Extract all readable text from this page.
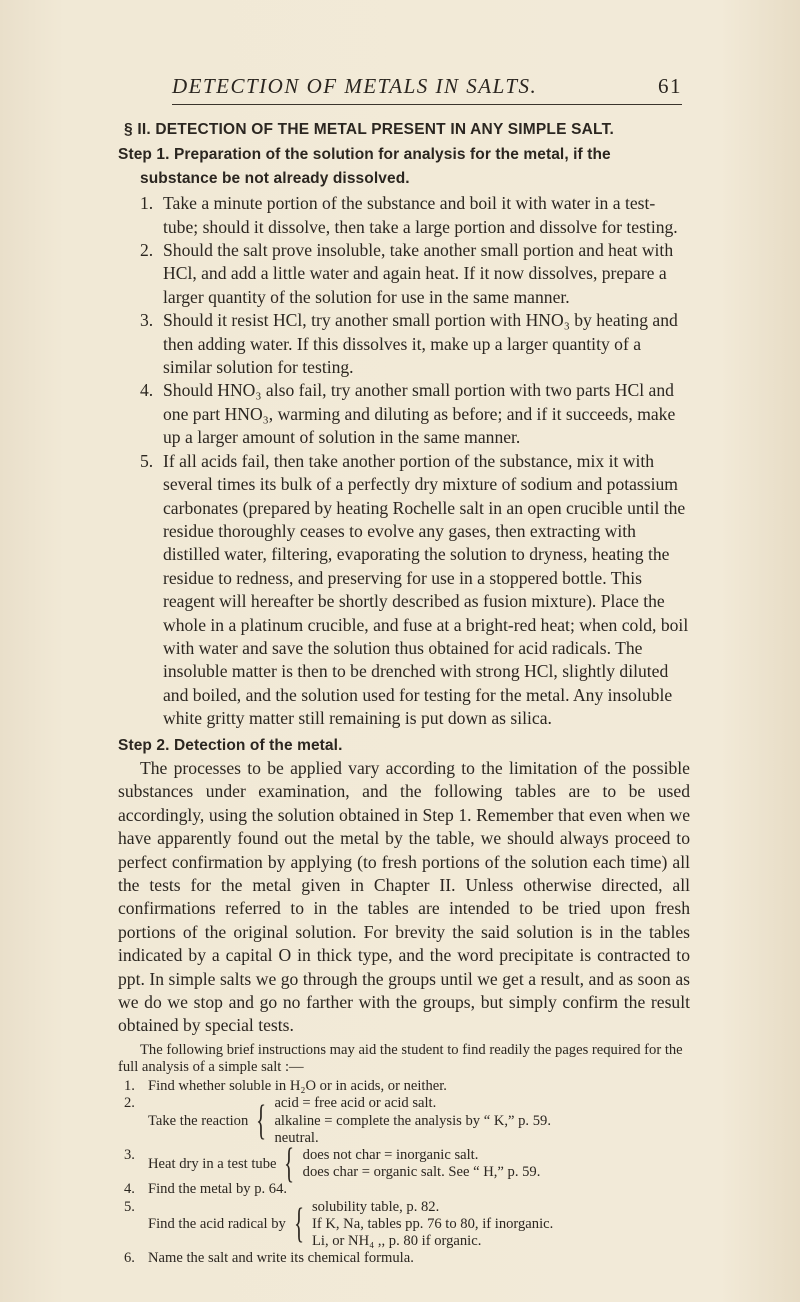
DETECTION OF METALS IN SALTS.	61
§ II. DETECTION OF THE METAL PRESENT IN ANY SIMPLE SALT.
Step 1. Preparation of the solution for analysis for the metal, if the
substance be not already dissolved.
1. Take a minute portion of the substance and boil it with water in a test-tube; should it dissolve, then take a large portion and dissolve for testing.
2. Should the salt prove insoluble, take another small portion and heat with HCl, and add a little water and again heat. If it now dissolves, prepare a larger quantity of the solution for use in the same manner.
3. Should it resist HCl, try another small portion with HNO₃ by heating and then adding water. If this dissolves it, make up a larger quantity of a similar solution for testing.
4. Should HNO₃ also fail, try another small portion with two parts HCl and one part HNO₃, warming and diluting as before; and if it succeeds, make up a larger amount of solution in the same manner.
5. If all acids fail, then take another portion of the substance, mix it with several times its bulk of a perfectly dry mixture of sodium and potassium carbonates (prepared by heating Rochelle salt in an open crucible until the residue thoroughly ceases to evolve any gases, then extracting with distilled water, filtering, evaporating the solution to dryness, heating the residue to redness, and preserving for use in a stoppered bottle. This reagent will hereafter be shortly described as fusion mixture). Place the whole in a platinum crucible, and fuse at a bright-red heat; when cold, boil with water and save the solution thus obtained for acid radicals. The insoluble matter is then to be drenched with strong HCl, slightly diluted and boiled, and the solution used for testing for the metal. Any insoluble white gritty matter still remaining is put down as silica.
Step 2. Detection of the metal.

The processes to be applied vary according to the limitation of the possible substances under examination, and the following tables are to be used accordingly, using the solution obtained in Step 1. Remember that even when we have apparently found out the metal by the table, we should always proceed to perfect confirmation by applying (to fresh portions of the solution each time) all the tests for the metal given in Chapter II. Unless otherwise directed, all confirmations referred to in the tables are intended to be tried upon fresh portions of the original solution. For brevity the said solution is in the tables indicated by a capital O in thick type, and the word precipitate is contracted to ppt. In simple salts we go through the groups until we get a result, and as soon as we do we stop and go no farther with the groups, but simply confirm the result obtained by special tests.

The following brief instructions may aid the student to find readily the pages required for the full analysis of a simple salt :—

1. Find whether soluble in H₂O or in acids, or neither.
2.
Take the reaction { acid = free acid or acid salt.
alkaline = complete the analysis by “ K,” p. 59.
neutral.
3.
Heat dry in a test tube { does not char = inorganic salt.
does char = organic salt. See “ H,” p. 59.
4. Find the metal by p. 64.
5.
Find the acid radical by { solubility table, p. 82.
If K, Na, tables pp. 76 to 80, if inorganic.
Li, or NH₄ ,, p. 80 if organic.
6. Name the salt and write its chemical formula.
